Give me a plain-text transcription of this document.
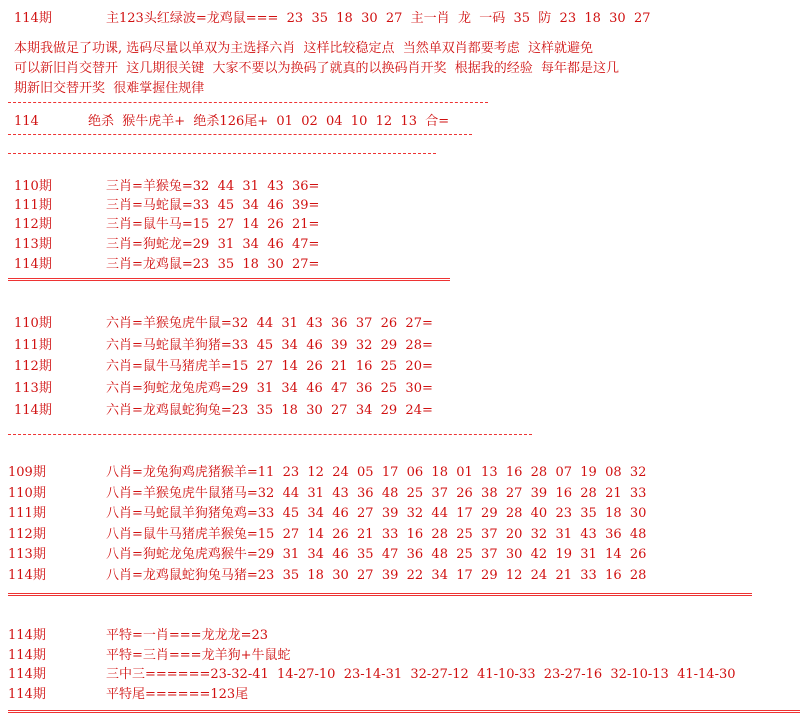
114期	主123头红绿波=龙鸡鼠===  23  35  18  30  27  主一肖  龙  一码  35  防  23  18  30  27
本期我做足了功课, 选码尽量以单双为主选择六肖  这样比较稳定点  当然单双肖都要考虑  这样就避免
可以新旧肖交替开  这几期很关键  大家不要以为换码了就真的以换码肖开奖  根据我的经验  每年都是这几
期新旧交替开奖  很难掌握住规律
114	绝杀  猴牛虎羊+  绝杀126尾+  01  02  04  10  12  13  合=
110期	三肖=羊猴兔=32  44  31  43  36=
111期	三肖=马蛇鼠=33  45  34  46  39=
112期	三肖=鼠牛马=15  27  14  26  21=
113期	三肖=狗蛇龙=29  31  34  46  47=
114期	三肖=龙鸡鼠=23  35  18  30  27=
110期	六肖=羊猴兔虎牛鼠=32  44  31  43  36  37  26  27=
111期	六肖=马蛇鼠羊狗猪=33  45  34  46  39  32  29  28=
112期	六肖=鼠牛马猪虎羊=15  27  14  26  21  16  25  20=
113期	六肖=狗蛇龙兔虎鸡=29  31  34  46  47  36  25  30=
114期	六肖=龙鸡鼠蛇狗兔=23  35  18  30  27  34  29  24=
109期	八肖=龙兔狗鸡虎猪猴羊=11  23  12  24  05  17  06  18  01  13  16  28  07  19  08  32
110期	八肖=羊猴兔虎牛鼠猪马=32  44  31  43  36  48  25  37  26  38  27  39  16  28  21  33
111期	八肖=马蛇鼠羊狗猪兔鸡=33  45  34  46  27  39  32  44  17  29  28  40  23  35  18  30
112期	八肖=鼠牛马猪虎羊猴兔=15  27  14  26  21  33  16  28  25  37  20  32  31  43  36  48
113期	八肖=狗蛇龙兔虎鸡猴牛=29  31  34  46  35  47  36  48  25  37  30  42  19  31  14  26
114期	八肖=龙鸡鼠蛇狗兔马猪=23  35  18  30  27  39  22  34  17  29  12  24  21  33  16  28
114期	平特=一肖===龙龙龙=23
114期	平特=三肖===龙羊狗+牛鼠蛇
114期	三中三======23-32-41  14-27-10  23-14-31  32-27-12  41-10-33  23-27-16  32-10-13  41-14-30
114期	平特尾======123尾
